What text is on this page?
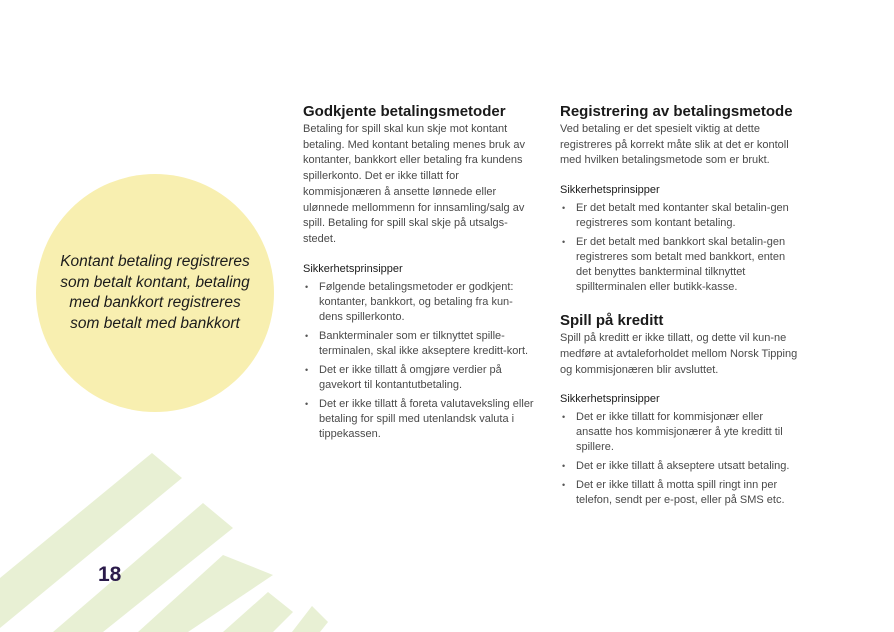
Kontant betaling registreres som betalt kontant, betaling med bankkort registreres som betalt med bankkort

18
Godkjente betalingsmetoder

Betaling for spill skal kun skje mot kontant betaling. Med kontant betaling menes bruk av kontanter, bankkort eller betaling fra kundens spillerkonto. Det er ikke tillatt for kommisjonæren å ansette lønnede eller ulønnede mellommenn for innsamling/salg av spill. Betaling for spill skal skje på utsalgs-stedet.

Sikkerhetsprinsipper
• Følgende betalingsmetoder er godkjent: kontanter, bankkort, og betaling fra kun-dens spillerkonto.
• Bankterminaler som er tilknyttet spille-terminalen, skal ikke akseptere kreditt-kort.
• Det er ikke tillatt å omgjøre verdier på gavekort til kontantutbetaling.
• Det er ikke tillatt å foreta valutaveksling eller betaling for spill med utenlandsk valuta i tippekassen.
Registrering av betalingsmetode

Ved betaling er det spesielt viktig at dette registreres på korrekt måte slik at det er kontoll med hvilken betalingsmetode som er brukt.

Sikkerhetsprinsipper
• Er det betalt med kontanter skal betalin-gen registreres som kontant betaling.
• Er det betalt med bankkort skal betalin-gen registreres som betalt med bankkort, enten det benyttes bankterminal tilknyttet spillterminalen eller butikk-kasse.
Spill på kreditt

Spill på kreditt er ikke tillatt, og dette vil kun-ne medføre at avtaleforholdet mellom Norsk Tipping og kommisjonæren blir avsluttet.

Sikkerhetsprinsipper
• Det er ikke tillatt for kommisjonær eller ansatte hos kommisjonærer å yte kreditt til spillere.
• Det er ikke tillatt å akseptere utsatt betaling.
• Det er ikke tillatt å motta spill ringt inn per telefon, sendt per e-post, eller på SMS etc.
